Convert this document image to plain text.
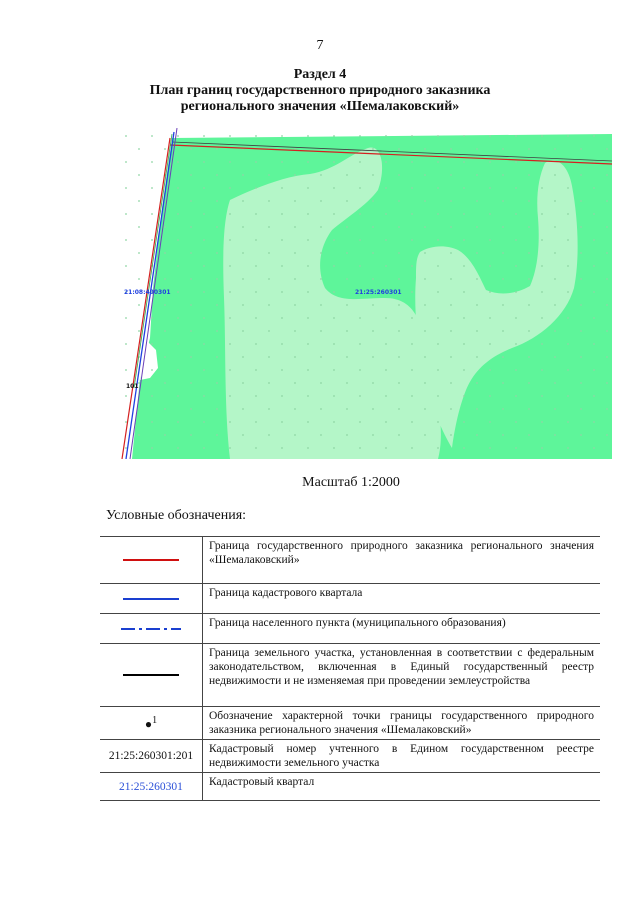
7
Раздел 4
План границ государственного природного заказника
регионального значения «Шемалаковский»
21:08:400301	21:25:260301
101
Масштаб 1:2000
Условные обозначения:
	Граница государственного природного заказника регионального значения «Шемалаковский»

	Граница кадастрового квартала

	Граница населенного пункта (муниципального образования)

	Граница земельного участка, установленная в соответствии с федеральным законодательством, включенная в Единый государственный реестр недвижимости и не изменяемая при проведении землеустройства
●$^1$	Обозначение характерной точки границы государственного природного заказника регионального значения «Шемалаковский»
21:25:260301:201	Кадастровый номер учтенного в Едином государственном реестре недвижимости земельного участка
21:25:260301	Кадастровый квартал
